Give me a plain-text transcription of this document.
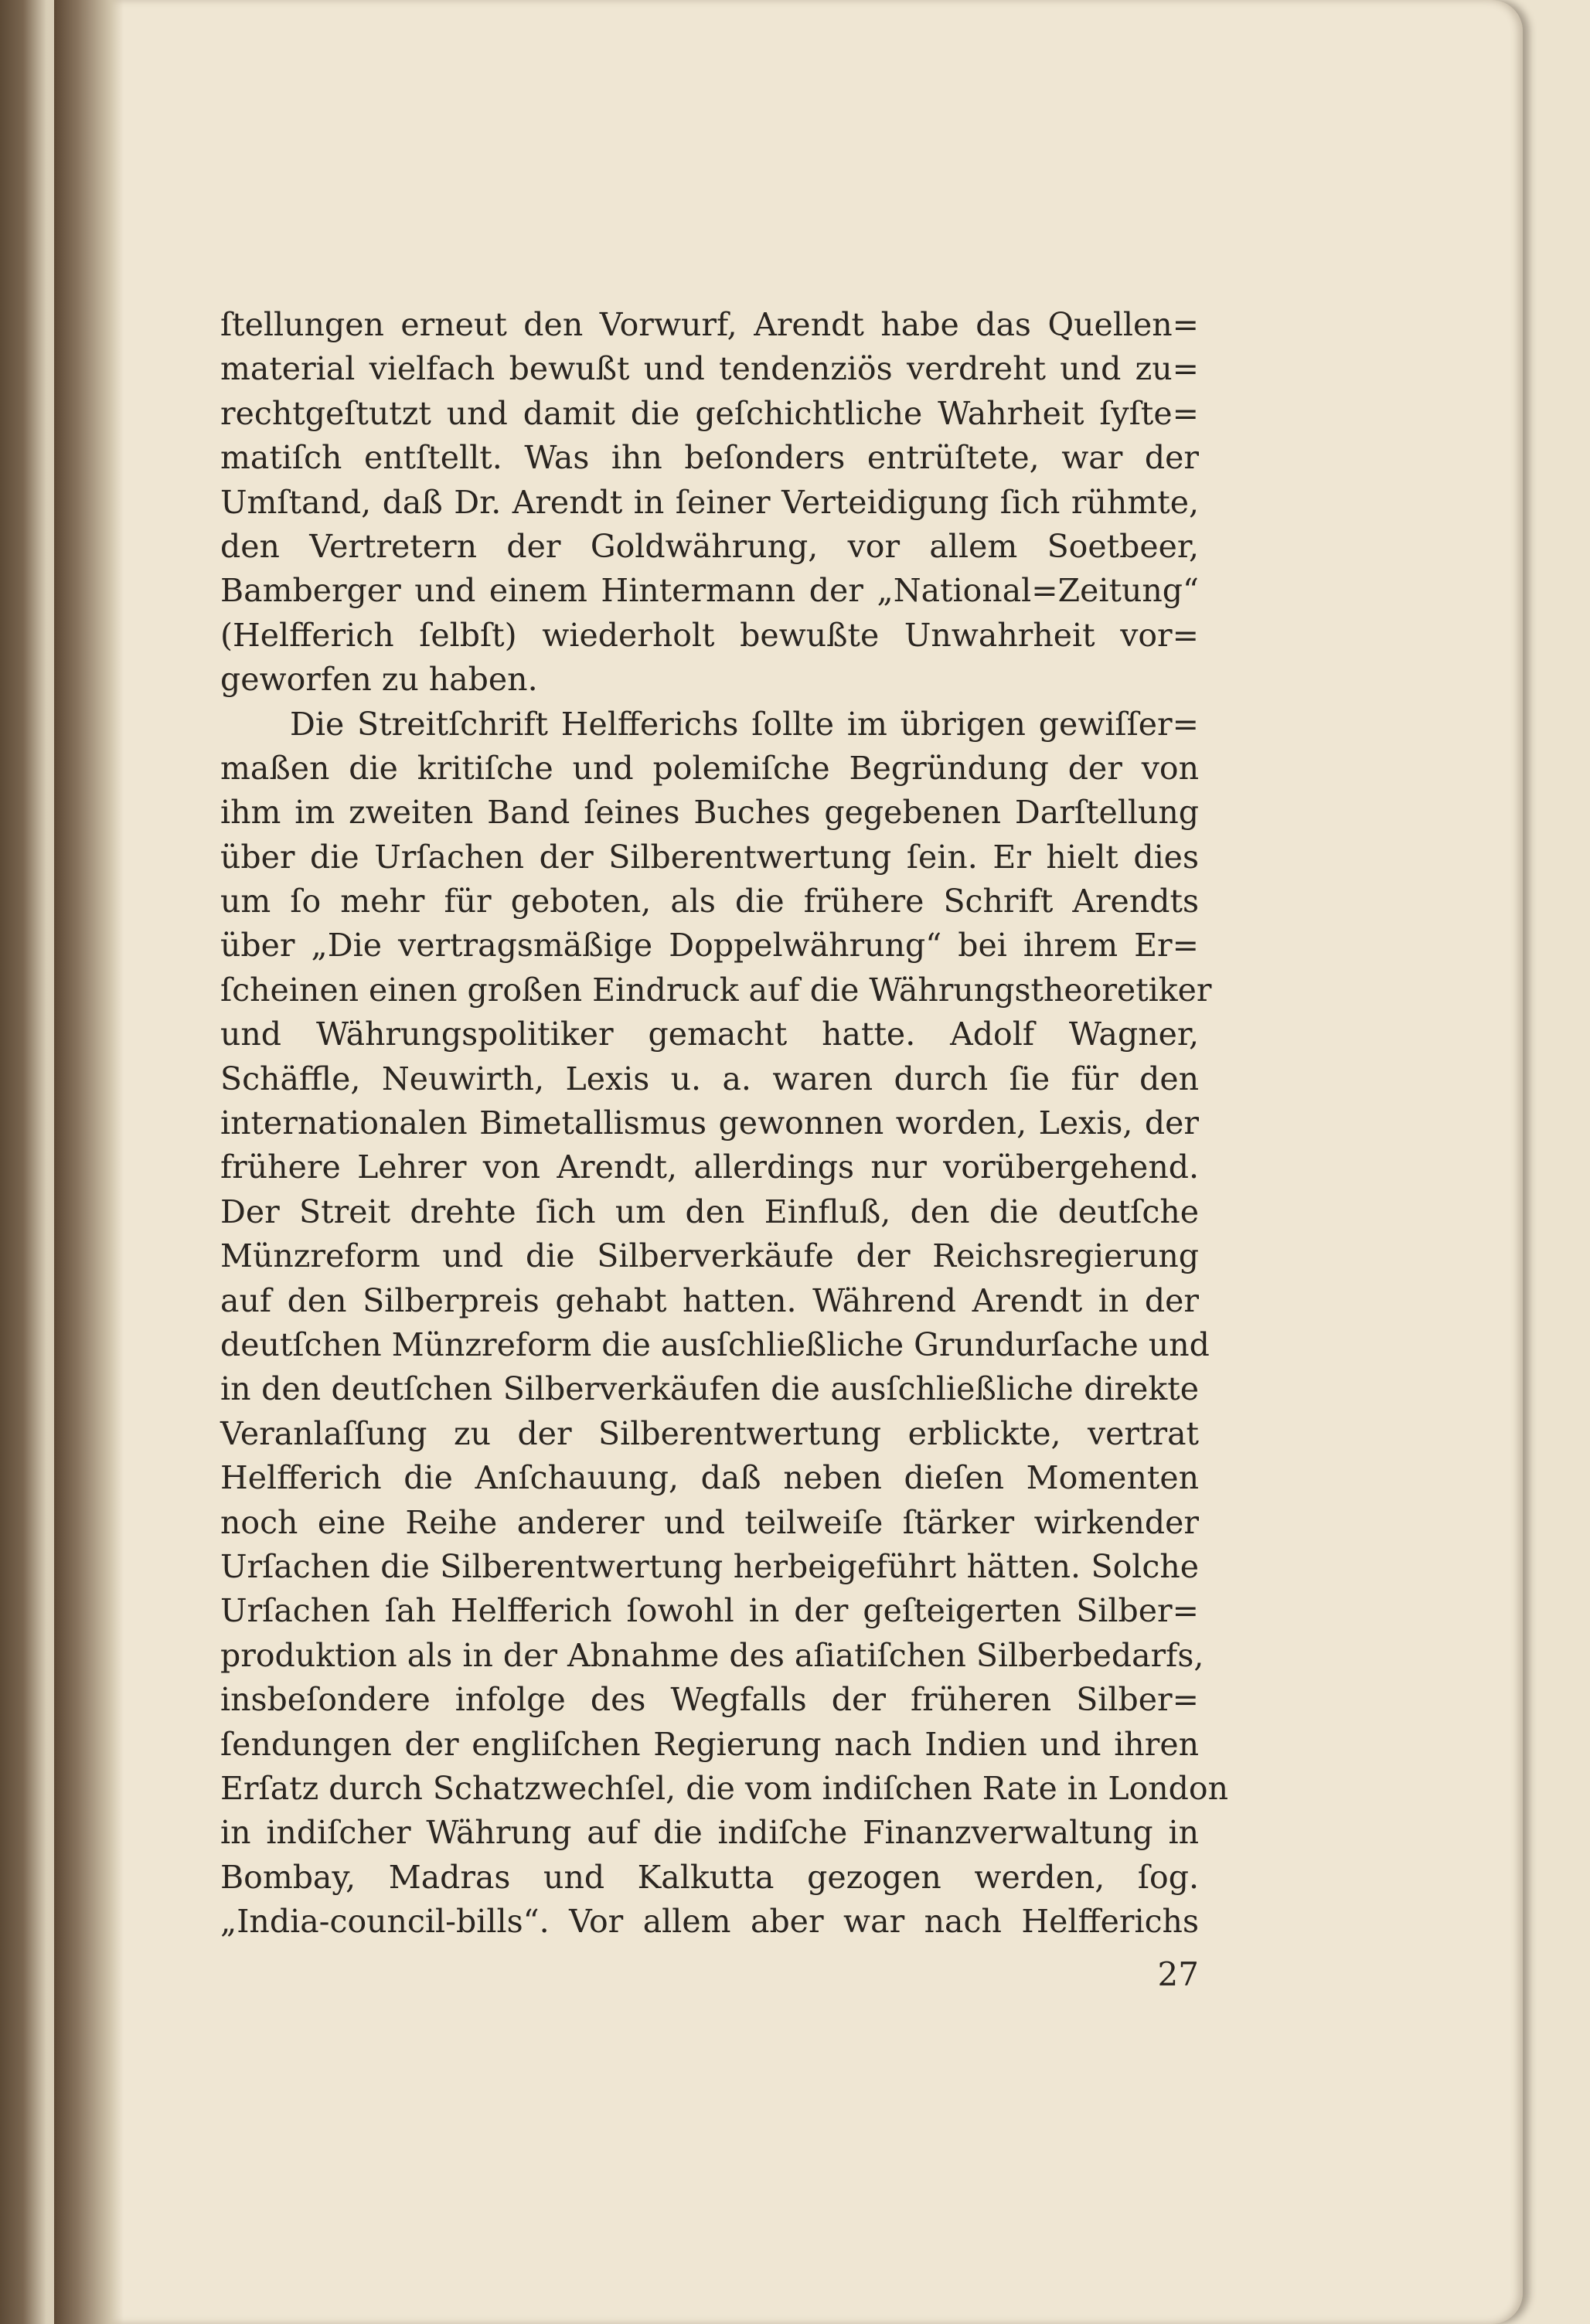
ſtellungen erneut den Vorwurf, Arendt habe das Quellen=
material vielfach bewußt und tendenziös verdreht und zu=
rechtgeſtutzt und damit die geſchichtliche Wahrheit ſyſte=
matiſch entſtellt. Was ihn beſonders entrüſtete, war der
Umſtand, daß Dr. Arendt in ſeiner Verteidigung ſich rühmte,
den Vertretern der Goldwährung, vor allem Soetbeer,
Bamberger und einem Hintermann der „National=Zeitung“
(Helfferich ſelbſt) wiederholt bewußte Unwahrheit vor=
geworfen zu haben.
Die Streitſchrift Helfferichs ſollte im übrigen gewiſſer=
maßen die kritiſche und polemiſche Begründung der von
ihm im zweiten Band ſeines Buches gegebenen Darſtellung
über die Urſachen der Silberentwertung ſein. Er hielt dies
um ſo mehr für geboten, als die frühere Schrift Arendts
über „Die vertragsmäßige Doppelwährung“ bei ihrem Er=
ſcheinen einen großen Eindruck auf die Währungstheoretiker
und Währungspolitiker gemacht hatte. Adolf Wagner,
Schäffle, Neuwirth, Lexis u. a. waren durch ſie für den
internationalen Bimetallismus gewonnen worden, Lexis, der
frühere Lehrer von Arendt, allerdings nur vorübergehend.
Der Streit drehte ſich um den Einfluß, den die deutſche
Münzreform und die Silberverkäufe der Reichsregierung
auf den Silberpreis gehabt hatten. Während Arendt in der
deutſchen Münzreform die ausſchließliche Grundurſache und
in den deutſchen Silberverkäufen die ausſchließliche direkte
Veranlaſſung zu der Silberentwertung erblickte, vertrat
Helfferich die Anſchauung, daß neben dieſen Momenten
noch eine Reihe anderer und teilweiſe ſtärker wirkender
Urſachen die Silberentwertung herbeigeführt hätten. Solche
Urſachen ſah Helfferich ſowohl in der geſteigerten Silber=
produktion als in der Abnahme des aſiatiſchen Silberbedarfs,
insbeſondere infolge des Wegfalls der früheren Silber=
ſendungen der engliſchen Regierung nach Indien und ihren
Erſatz durch Schatzwechſel, die vom indiſchen Rate in London
in indiſcher Währung auf die indiſche Finanzverwaltung in
Bombay, Madras und Kalkutta gezogen werden, ſog.
„India-council-bills“. Vor allem aber war nach Helfferichs
27
